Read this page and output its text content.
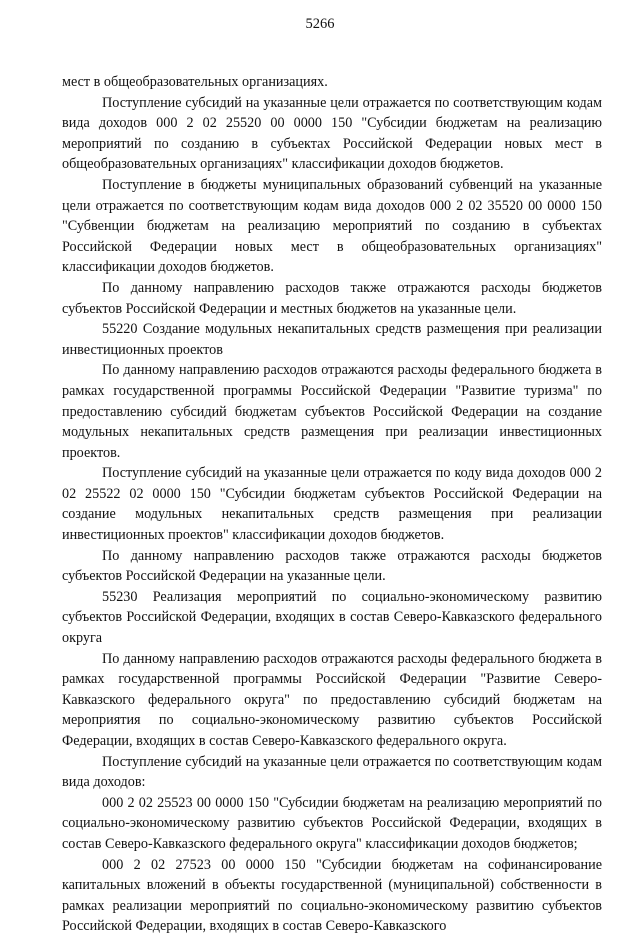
5266

мест в общеобразовательных организациях.

Поступление субсидий на указанные цели отражается по соответствующим кодам вида доходов 000 2 02 25520 00 0000 150 "Субсидии бюджетам на реализацию мероприятий по созданию в субъектах Российской Федерации новых мест в общеобразовательных организациях" классификации доходов бюджетов.

Поступление в бюджеты муниципальных образований субвенций на указанные цели отражается по соответствующим кодам вида доходов 000 2 02 35520 00 0000 150 "Субвенции бюджетам на реализацию мероприятий по созданию в субъектах Российской Федерации новых мест в общеобразовательных организациях" классификации доходов бюджетов.

По данному направлению расходов также отражаются расходы бюджетов субъектов Российской Федерации и местных бюджетов на указанные цели.

55220 Создание модульных некапитальных средств размещения при реализации инвестиционных проектов

По данному направлению расходов отражаются расходы федерального бюджета в рамках государственной программы Российской Федерации "Развитие туризма" по предоставлению субсидий бюджетам субъектов Российской Федерации на создание модульных некапитальных средств размещения при реализации инвестиционных проектов.

Поступление субсидий на указанные цели отражается по коду вида доходов 000 2 02 25522 02 0000 150 "Субсидии бюджетам субъектов Российской Федерации на создание модульных некапитальных средств размещения при реализации инвестиционных проектов" классификации доходов бюджетов.

По данному направлению расходов также отражаются расходы бюджетов субъектов Российской Федерации на указанные цели.

55230 Реализация мероприятий по социально-экономическому развитию субъектов Российской Федерации, входящих в состав Северо-Кавказского федерального округа

По данному направлению расходов отражаются расходы федерального бюджета в рамках государственной программы Российской Федерации "Развитие Северо-Кавказского федерального округа" по предоставлению субсидий бюджетам на мероприятия по социально-экономическому развитию субъектов Российской Федерации, входящих в состав Северо-Кавказского федерального округа.

Поступление субсидий на указанные цели отражается по соответствующим кодам вида доходов:

000 2 02 25523 00 0000 150 "Субсидии бюджетам на реализацию мероприятий по социально-экономическому развитию субъектов Российской Федерации, входящих в состав Северо-Кавказского федерального округа" классификации доходов бюджетов;

000 2 02 27523 00 0000 150 "Субсидии бюджетам на софинансирование капитальных вложений в объекты государственной (муниципальной) собственности в рамках реализации мероприятий по социально-экономическому развитию субъектов Российской Федерации, входящих в состав Северо-Кавказского
